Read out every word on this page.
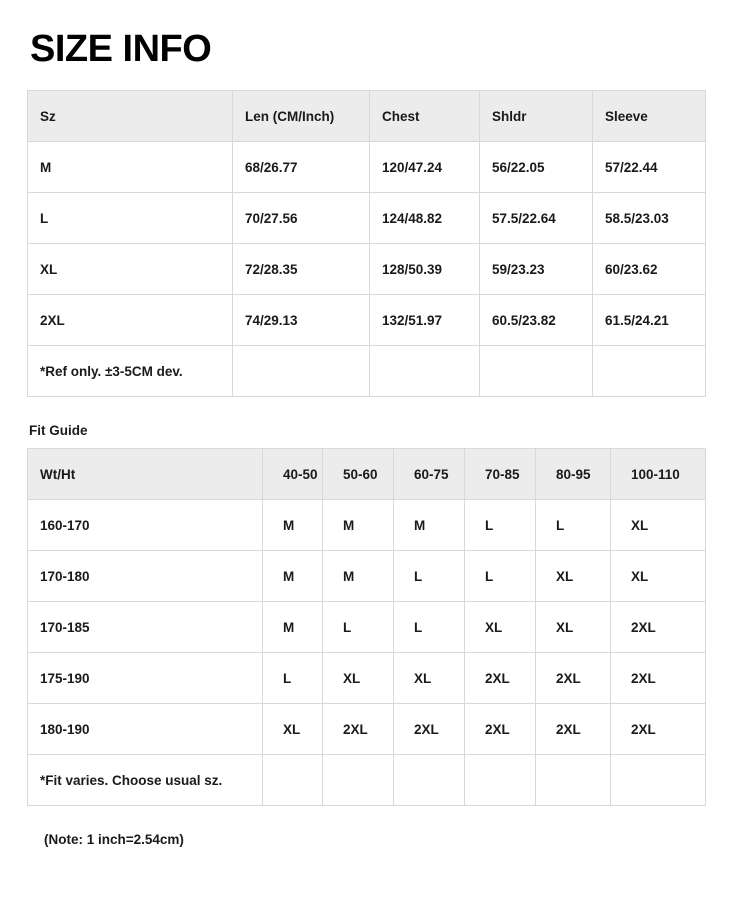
SIZE INFO
Sz	Len (CM/Inch)	Chest	Shldr	Sleeve
M	68/26.77	120/47.24	56/22.05	57/22.44
L	70/27.56	124/48.82	57.5/22.64	58.5/23.03
XL	72/28.35	128/50.39	59/23.23	60/23.62
2XL	74/29.13	132/51.97	60.5/23.82	61.5/24.21
*Ref only. ±3-5CM dev.				
Fit Guide
Wt/Ht	40-50	50-60	60-75	70-85	80-95	100-110
160-170	M	M	M	L	L	XL
170-180	M	M	L	L	XL	XL
170-185	M	L	L	XL	XL	2XL
175-190	L	XL	XL	2XL	2XL	2XL
180-190	XL	2XL	2XL	2XL	2XL	2XL
*Fit varies. Choose usual sz.						
(Note: 1 inch=2.54cm)
